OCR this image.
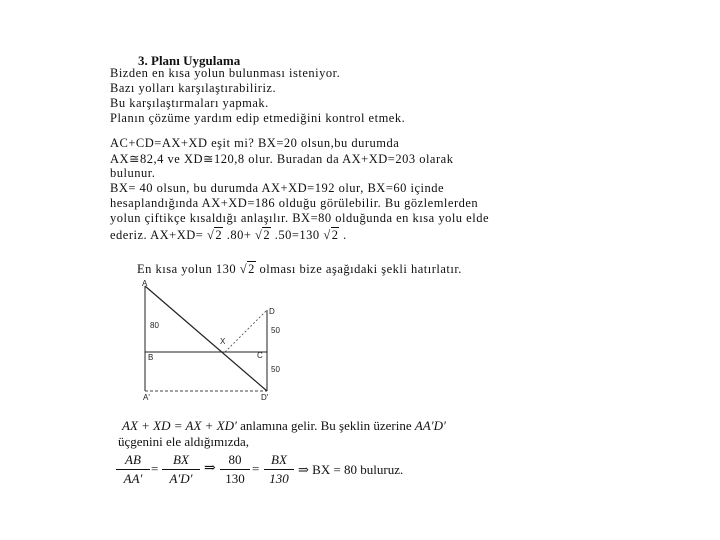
3. Planı Uygulama
Bizden en kısa yolun bulunması isteniyor.
Bazı yolları karşılaştırabiliriz.
Bu karşılaştırmaları yapmak.
Planın çözüme yardım edip etmediğini kontrol etmek.
AC+CD=AX+XD eşit mi? BX=20 olsun,bu durumda
AX≅82,4 ve XD≅120,8 olur. Buradan da AX+XD=203 olarak
bulunur.
BX= 40 olsun, bu durumda AX+XD=192 olur, BX=60 içinde
hesaplandığında AX+XD=186 olduğu görülebilir. Bu gözlemlerden
yolun çiftikçe kısaldığı anlaşılır. BX=80 olduğunda en kısa yolu elde
ederiz. AX+XD= √2 .80+ √2 .50=130 √2 .
En kısa yolun 130 √2 olması bize aşağıdaki şekli hatırlatır.
A
D
80
X
C
50
B
50
A'	D'
AX + XD = AX + XD′ anlamına gelir. Bu şeklin üzerine AA′D′
üçgenini ele aldığımızda,
AB
AA′
=
BX
A′D′
⇒
80
130
=
BX
130
⇒ BX = 80 buluruz.
